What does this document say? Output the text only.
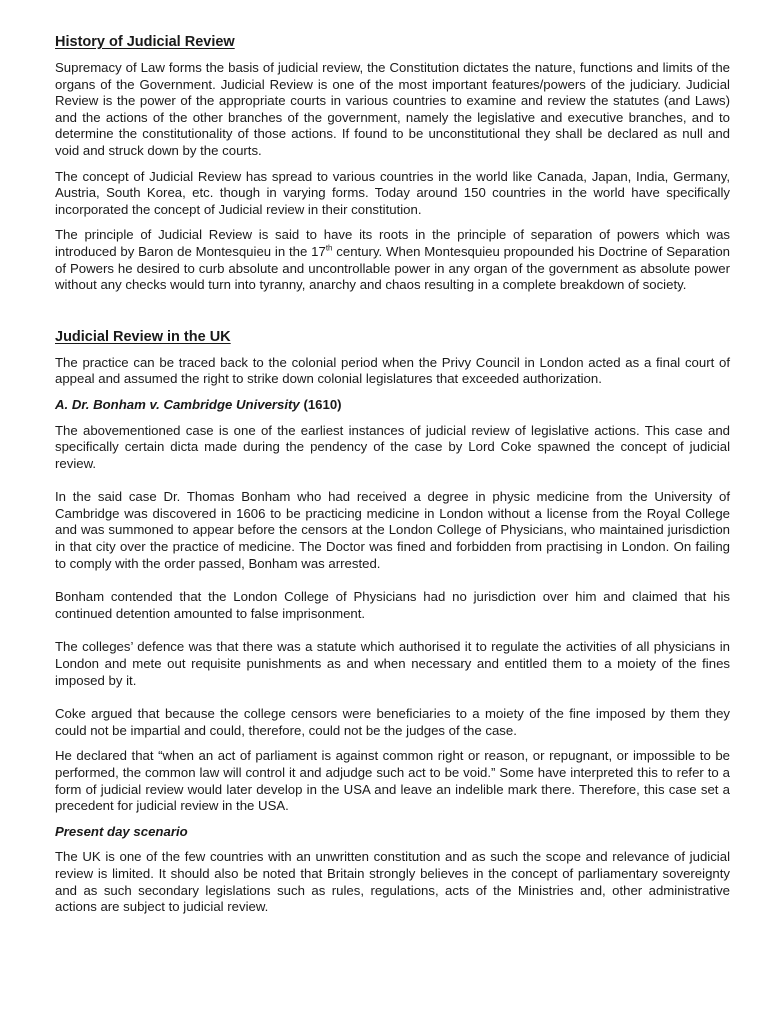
History of Judicial Review

Supremacy of Law forms the basis of judicial review, the Constitution dictates the nature, functions and limits of the organs of the Government. Judicial Review is one of the most important features/powers of the judiciary. Judicial Review is the power of the appropriate courts in various countries to examine and review the statutes (and Laws) and the actions of the other branches of the government, namely the legislative and executive branches, and to determine the constitutionality of those actions. If found to be unconstitutional they shall be declared as null and void and struck down by the courts.

The concept of Judicial Review has spread to various countries in the world like Canada, Japan, India, Germany, Austria, South Korea, etc. though in varying forms. Today around 150 countries in the world have specifically incorporated the concept of Judicial review in their constitution.

The principle of Judicial Review is said to have its roots in the principle of separation of powers which was introduced by Baron de Montesquieu in the 17th century. When Montesquieu propounded his Doctrine of Separation of Powers he desired to curb absolute and uncontrollable power in any organ of the government as absolute power without any checks would turn into tyranny, anarchy and chaos resulting in a complete breakdown of society.

Judicial Review in the UK

The practice can be traced back to the colonial period when the Privy Council in London acted as a final court of appeal and assumed the right to strike down colonial legislatures that exceeded authorization.

A. Dr. Bonham v. Cambridge University (1610)

The abovementioned case is one of the earliest instances of judicial review of legislative actions. This case and specifically certain dicta made during the pendency of the case by Lord Coke spawned the concept of judicial review.

In the said case Dr. Thomas Bonham who had received a degree in physic medicine from the University of Cambridge was discovered in 1606 to be practicing medicine in London without a license from the Royal College and was summoned to appear before the censors at the London College of Physicians, who maintained jurisdiction in that city over the practice of medicine. The Doctor was fined and forbidden from practising in London. On failing to comply with the order passed, Bonham was arrested.

Bonham contended that the London College of Physicians had no jurisdiction over him and claimed that his continued detention amounted to false imprisonment.

The colleges’ defence was that there was a statute which authorised it to regulate the activities of all physicians in London and mete out requisite punishments as and when necessary and entitled them to a moiety of the fines imposed by it.

Coke argued that because the college censors were beneficiaries to a moiety of the fine imposed by them they could not be impartial and could, therefore, could not be the judges of the case.

He declared that “when an act of parliament is against common right or reason, or repugnant, or impossible to be performed, the common law will control it and adjudge such act to be void.” Some have interpreted this to refer to a form of judicial review would later develop in the USA and leave an indelible mark there. Therefore, this case set a precedent for judicial review in the USA.

Present day scenario

The UK is one of the few countries with an unwritten constitution and as such the scope and relevance of judicial review is limited. It should also be noted that Britain strongly believes in the concept of parliamentary sovereignty and as such secondary legislations such as rules, regulations, acts of the Ministries and, other administrative actions are subject to judicial review.
